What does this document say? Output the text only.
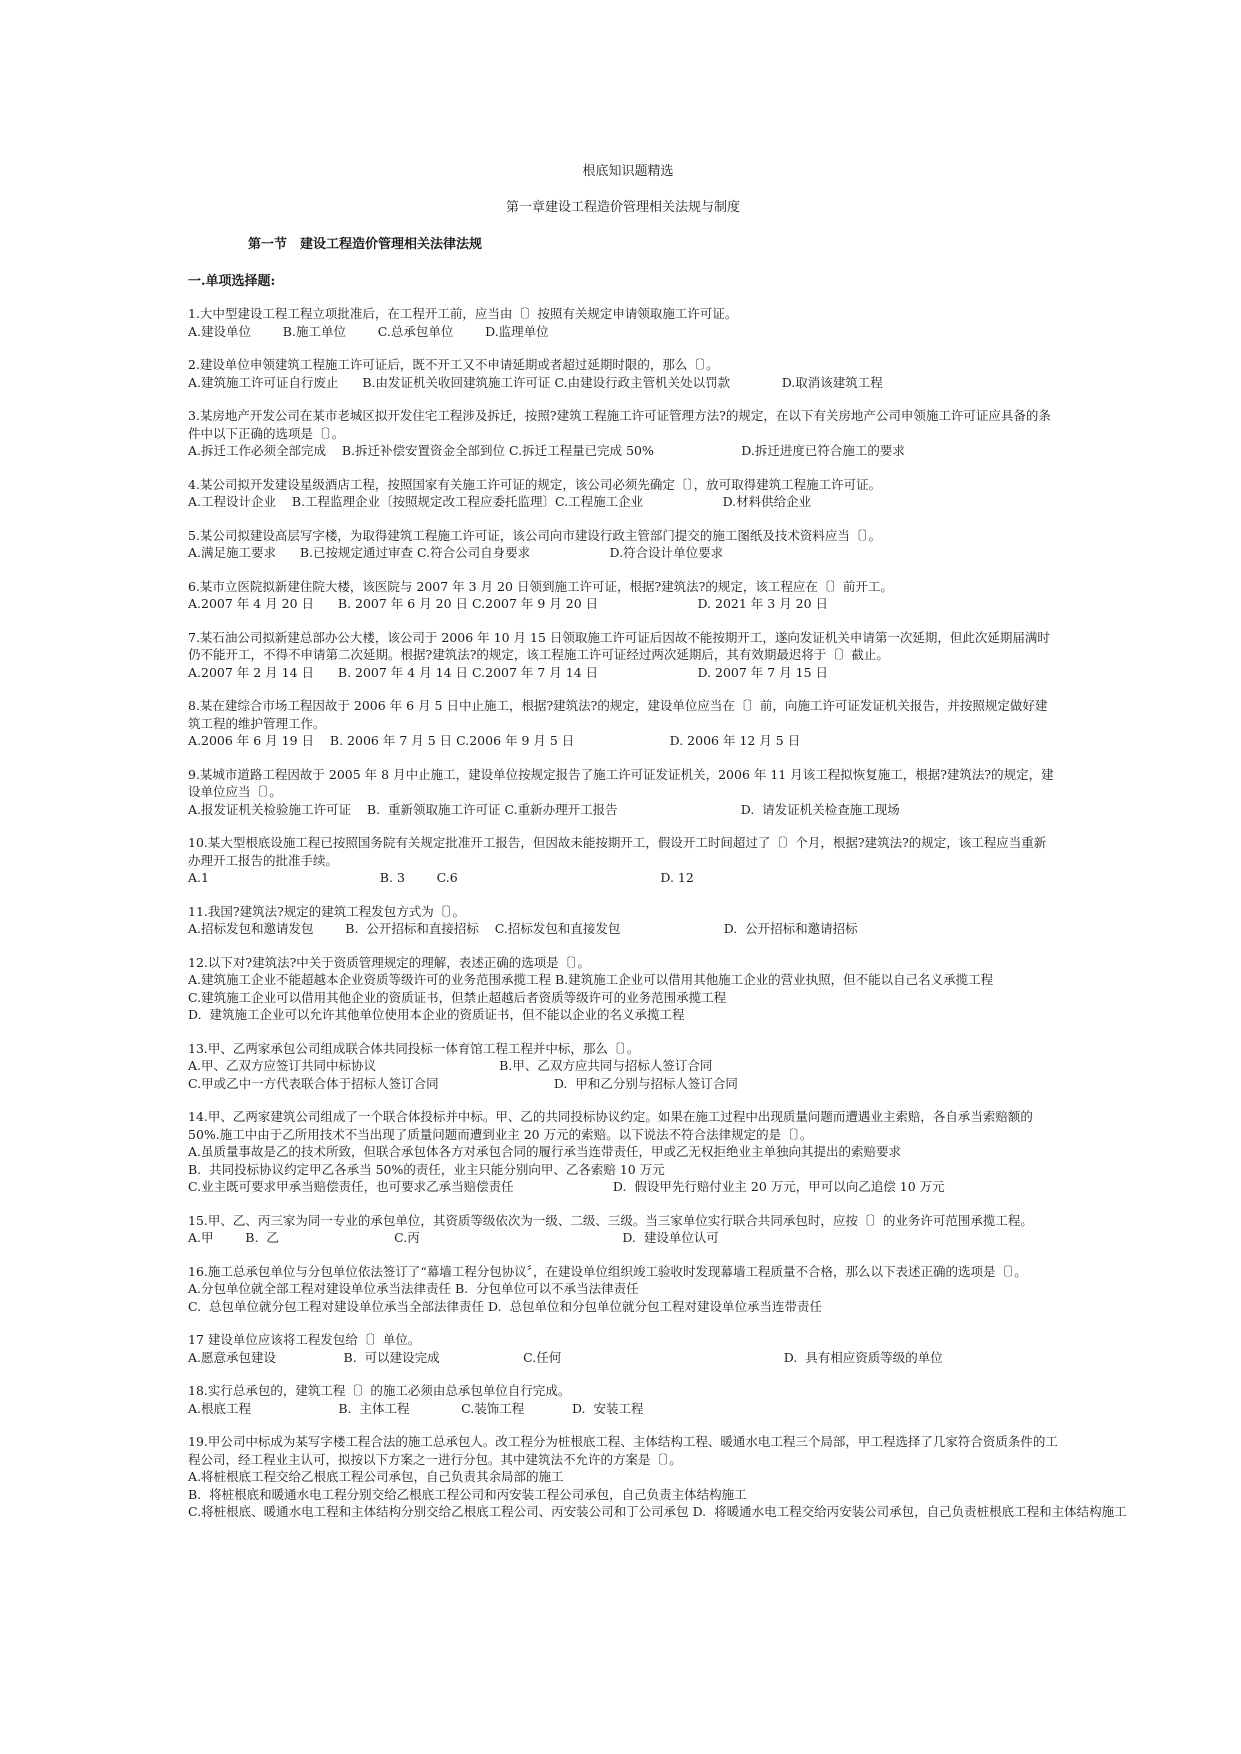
根底知识题精选
第一章建设工程造价管理相关法规与制度
第一节　建设工程造价管理相关法律法规
一.单项选择题:
1.大中型建设工程工程立项批准后，在工程开工前，应当由〔〕按照有关规定申请领取施工许可证。
A.建设单位        B.施工单位        C.总承包单位        D.监理单位
2.建设单位申领建筑工程施工许可证后，既不开工又不申请延期或者超过延期时限的，那么〔〕。
A.建筑施工许可证自行废止      B.由发证机关收回建筑施工许可证 C.由建设行政主管机关处以罚款             D.取消该建筑工程
3.某房地产开发公司在某市老城区拟开发住宅工程涉及拆迁，按照?建筑工程施工许可证管理方法?的规定，在以下有关房地产公司申领施工许可证应具备的条件中以下正确的选项是〔〕。
A.拆迁工作必须全部完成    B.拆迁补偿安置资金全部到位 C.拆迁工程量已完成 50%                      D.拆迁进度已符合施工的要求
4.某公司拟开发建设星级酒店工程，按照国家有关施工许可证的规定，该公司必须先确定〔〕，放可取得建筑工程施工许可证。
A.工程设计企业    B.工程监理企业〔按照规定改工程应委托监理〕C.工程施工企业                    D.材料供给企业
5.某公司拟建设高层写字楼，为取得建筑工程施工许可证，该公司向市建设行政主管部门提交的施工图纸及技术资料应当〔〕。
A.满足施工要求      B.已按规定通过审查 C.符合公司自身要求                    D.符合设计单位要求
6.某市立医院拟新建住院大楼，该医院与 2007 年 3 月 20 日领到施工许可证，根据?建筑法?的规定，该工程应在〔〕前开工。
A.2007 年 4 月 20 日      B. 2007 年 6 月 20 日 C.2007 年 9 月 20 日                         D. 2021 年 3 月 20 日
7.某石油公司拟新建总部办公大楼，该公司于 2006 年 10 月 15 日领取施工许可证后因故不能按期开工，遂向发证机关申请第一次延期，但此次延期届满时仍不能开工，不得不申请第二次延期。根据?建筑法?的规定，该工程施工许可证经过两次延期后，其有效期最迟将于〔〕截止。
A.2007 年 2 月 14 日      B. 2007 年 4 月 14 日 C.2007 年 7 月 14 日                         D. 2007 年 7 月 15 日
8.某在建综合市场工程因故于 2006 年 6 月 5 日中止施工，根据?建筑法?的规定，建设单位应当在〔〕前，向施工许可证发证机关报告，并按照规定做好建筑工程的维护管理工作。
A.2006 年 6 月 19 日    B. 2006 年 7 月 5 日 C.2006 年 9 月 5 日                        D. 2006 年 12 月 5 日
9.某城市道路工程因故于 2005 年 8 月中止施工，建设单位按规定报告了施工许可证发证机关，2006 年 11 月该工程拟恢复施工，根据?建筑法?的规定，建设单位应当〔〕。
A.报发证机关检验施工许可证    B.  重新领取施工许可证 C.重新办理开工报告                               D.  请发证机关检查施工现场
10.某大型根底设施工程已按照国务院有关规定批准开工报告，但因故未能按期开工，假设开工时间超过了〔〕个月，根据?建筑法?的规定，该工程应当重新办理开工报告的批准手续。
A.1                                           B. 3        C.6                                                   D. 12
11.我国?建筑法?规定的建筑工程发包方式为〔〕。
A.招标发包和邀请发包        B.  公开招标和直接招标    C.招标发包和直接发包                          D.  公开招标和邀请招标
12.以下对?建筑法?中关于资质管理规定的理解，表述正确的选项是〔〕。
A.建筑施工企业不能超越本企业资质等级许可的业务范围承揽工程 B.建筑施工企业可以借用其他施工企业的营业执照，但不能以自己名义承揽工程
C.建筑施工企业可以借用其他企业的资质证书，但禁止超越后者资质等级许可的业务范围承揽工程
D.  建筑施工企业可以允许其他单位使用本企业的资质证书，但不能以企业的名义承揽工程
13.甲、乙两家承包公司组成联合体共同投标一体育馆工程工程并中标，那么〔〕。
A.甲、乙双方应签订共同中标协议                               B.甲、乙双方应共同与招标人签订合同
C.甲或乙中一方代表联合体于招标人签订合同                             D.  甲和乙分别与招标人签订合同
14.甲、乙两家建筑公司组成了一个联合体投标并中标。甲、乙的共同投标协议约定。如果在施工过程中出现质量问题而遭遇业主索赔，各自承当索赔额的 50%.施工中由于乙所用技术不当出现了质量问题而遭到业主 20 万元的索赔。以下说法不符合法律规定的是〔〕。
A.虽质量事故是乙的技术所致，但联合承包体各方对承包合同的履行承当连带责任，甲或乙无权拒绝业主单独向其提出的索赔要求
B.  共同投标协议约定甲乙各承当 50%的责任，业主只能分别向甲、乙各索赔 10 万元
C.业主既可要求甲承当赔偿责任，也可要求乙承当赔偿责任                         D.  假设甲先行赔付业主 20 万元，甲可以向乙追偿 10 万元
15.甲、乙、丙三家为同一专业的承包单位，其资质等级依次为一级、二级、三级。当三家单位实行联合共同承包时，应按〔〕的业务许可范围承揽工程。
A.甲        B.  乙                             C.丙                                                   D.  建设单位认可
16.施工总承包单位与分包单位依法签订了“幕墙工程分包协议〞，在建设单位组织竣工验收时发现幕墙工程质量不合格，那么以下表述正确的选项是〔〕。
A.分包单位就全部工程对建设单位承当法律责任 B.  分包单位可以不承当法律责任
C.  总包单位就分包工程对建设单位承当全部法律责任 D.  总包单位和分包单位就分包工程对建设单位承当连带责任
17 建设单位应该将工程发包给〔〕单位。
A.愿意承包建设                 B.  可以建设完成                     C.任何                                                        D.  具有相应资质等级的单位
18.实行总承包的，建筑工程〔〕的施工必须由总承包单位自行完成。
A.根底工程                      B.  主体工程             C.装饰工程            D.  安装工程
19.甲公司中标成为某写字楼工程合法的施工总承包人。改工程分为桩根底工程、主体结构工程、暖通水电工程三个局部，甲工程选择了几家符合资质条件的工程公司，经工程业主认可，拟按以下方案之一进行分包。其中建筑法不允许的方案是〔〕。
A.将桩根底工程交给乙根底工程公司承包，自己负责其余局部的施工
B.  将桩根底和暖通水电工程分别交给乙根底工程公司和丙安装工程公司承包，自己负责主体结构施工
C.将桩根底、暖通水电工程和主体结构分别交给乙根底工程公司、丙安装公司和丁公司承包 D.  将暖通水电工程交给丙安装公司承包，自己负责桩根底工程和主体结构施工
